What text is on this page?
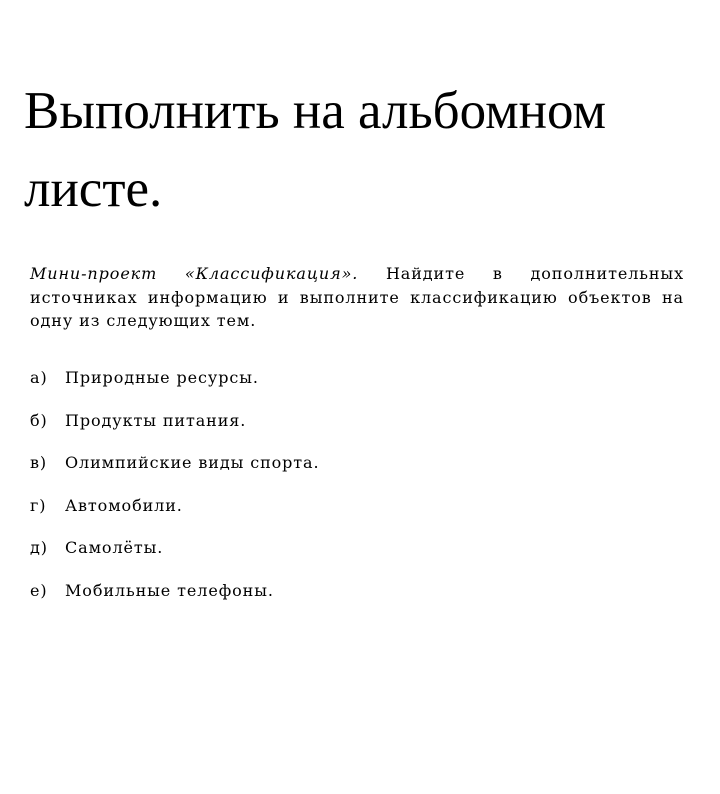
Выполнить на альбомном листе.

Мини-проект «Классификация». Найдите в дополнительных источниках информацию и выполните классификацию объектов на одну из следующих тем.

а) Природные ресурсы.
б) Продукты питания.
в) Олимпийские виды спорта.
г) Автомобили.
д) Самолёты.
е) Мобильные телефоны.
